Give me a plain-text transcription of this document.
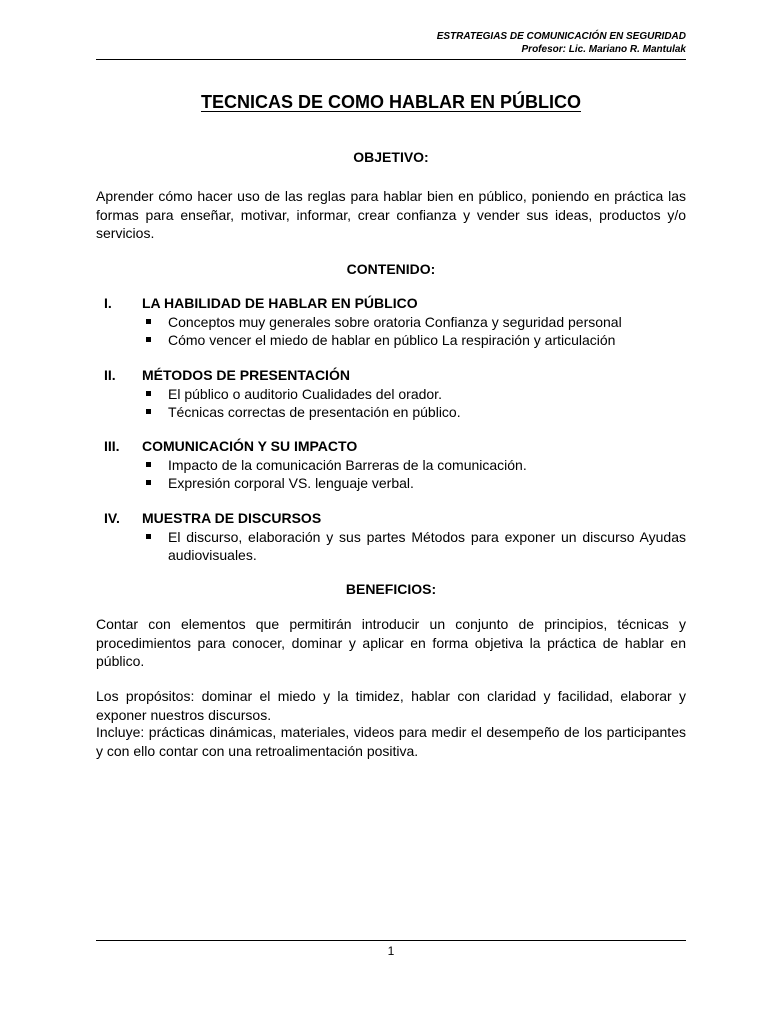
ESTRATEGIAS DE COMUNICACIÓN EN SEGURIDAD
Profesor: Lic. Mariano R. Mantulak
TECNICAS DE COMO HABLAR EN PÚBLICO
OBJETIVO:

Aprender cómo hacer uso de las reglas para hablar bien en público, poniendo en práctica las formas para enseñar, motivar, informar, crear confianza y vender sus ideas, productos y/o servicios.

CONTENIDO:
I.	LA HABILIDAD DE HABLAR EN PÚBLICO
Conceptos muy generales sobre oratoria Confianza y seguridad personal
Cómo vencer el miedo de hablar en público La respiración y articulación
II.	MÉTODOS DE PRESENTACIÓN
El público o auditorio Cualidades del orador.
Técnicas correctas de presentación en público.
III.	COMUNICACIÓN Y SU IMPACTO
Impacto de la comunicación Barreras de la comunicación.
Expresión corporal VS. lenguaje verbal.
IV.	MUESTRA DE DISCURSOS
El discurso, elaboración y sus partes Métodos para exponer un discurso Ayudas audiovisuales.
BENEFICIOS:

Contar con elementos que permitirán introducir un conjunto de principios, técnicas y procedimientos para conocer, dominar y aplicar en forma objetiva la práctica de hablar en público.

Los propósitos: dominar el miedo y la timidez, hablar con claridad y facilidad, elaborar y exponer nuestros discursos.

Incluye: prácticas dinámicas, materiales, videos para medir el desempeño de los participantes y con ello contar con una retroalimentación positiva.

1
